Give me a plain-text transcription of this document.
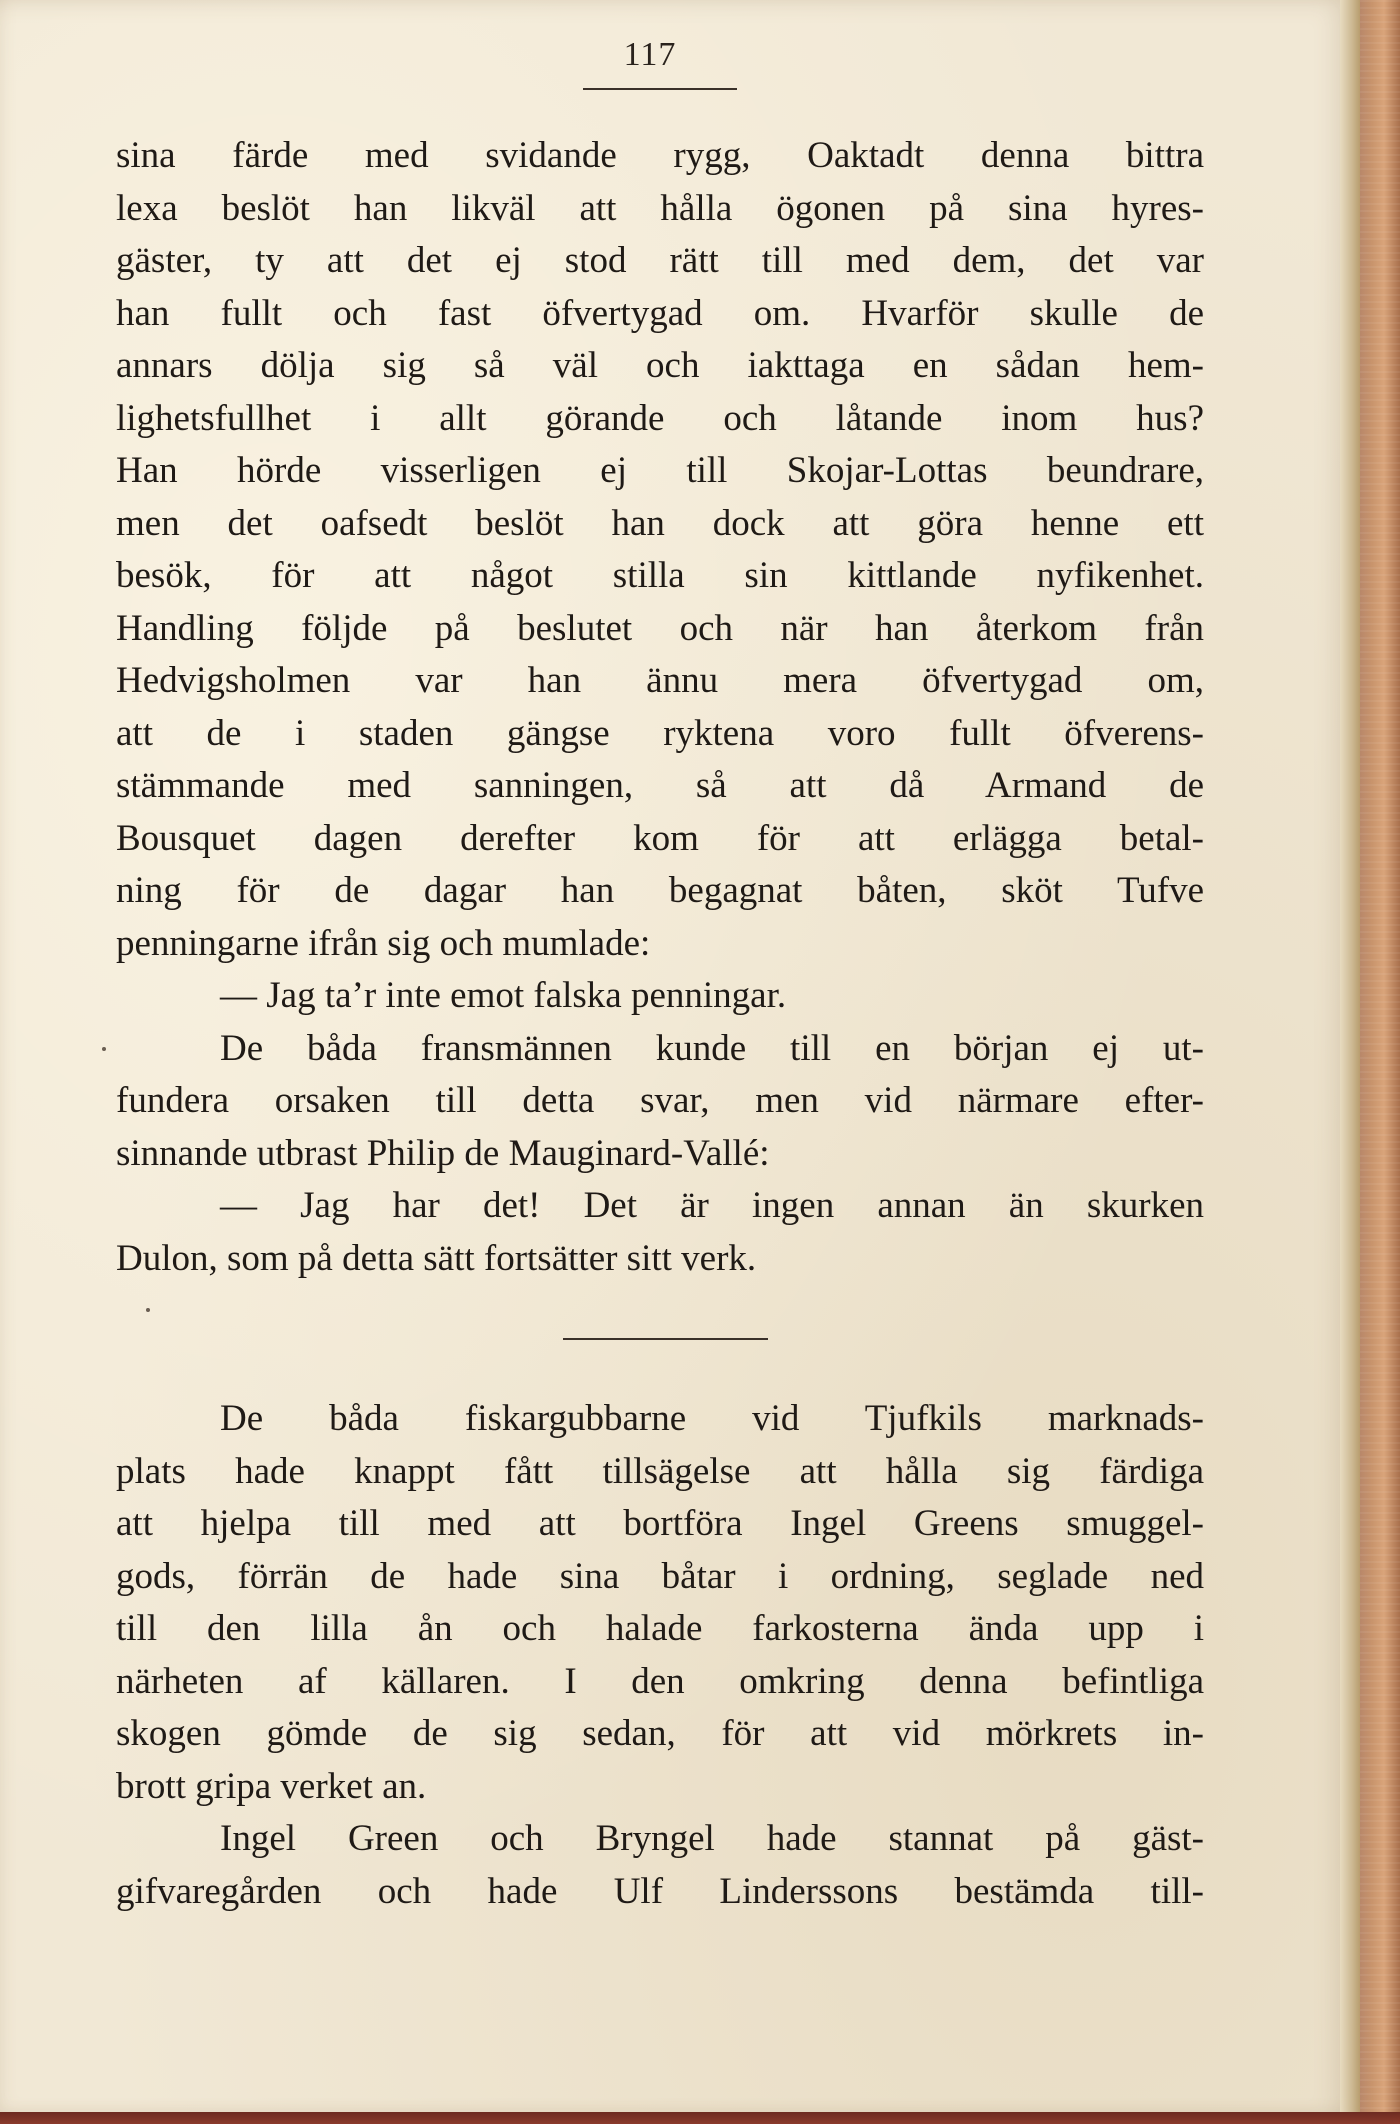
117
sina färde med svidande rygg, Oaktadt denna bittra
lexa beslöt han likväl att hålla ögonen på sina hyres-
gäster, ty att det ej stod rätt till med dem, det var
han fullt och fast öfvertygad om. Hvarför skulle de
annars dölja sig så väl och iakttaga en sådan hem-
lighetsfullhet i allt görande och låtande inom hus?
Han hörde visserligen ej till Skojar-Lottas beundrare,
men det oafsedt beslöt han dock att göra henne ett
besök, för att något stilla sin kittlande nyfikenhet.
Handling följde på beslutet och när han återkom från
Hedvigsholmen var han ännu mera öfvertygad om,
att de i staden gängse ryktena voro fullt öfverens-
stämmande med sanningen, så att då Armand de
Bousquet dagen derefter kom för att erlägga betal-
ning för de dagar han begagnat båten, sköt Tufve
penningarne ifrån sig och mumlade:
— Jag ta’r inte emot falska penningar.
De båda fransmännen kunde till en början ej ut-
fundera orsaken till detta svar, men vid närmare efter-
sinnande utbrast Philip de Mauginard-Vallé:
— Jag har det! Det är ingen annan än skurken
Dulon, som på detta sätt fortsätter sitt verk.
De båda fiskargubbarne vid Tjufkils marknads-
plats hade knappt fått tillsägelse att hålla sig färdiga
att hjelpa till med att bortföra Ingel Greens smuggel-
gods, förrän de hade sina båtar i ordning, seglade ned
till den lilla ån och halade farkosterna ända upp i
närheten af källaren. I den omkring denna befintliga
skogen gömde de sig sedan, för att vid mörkrets in-
brott gripa verket an.
Ingel Green och Bryngel hade stannat på gäst-
gifvaregården och hade Ulf Linderssons bestämda till-
